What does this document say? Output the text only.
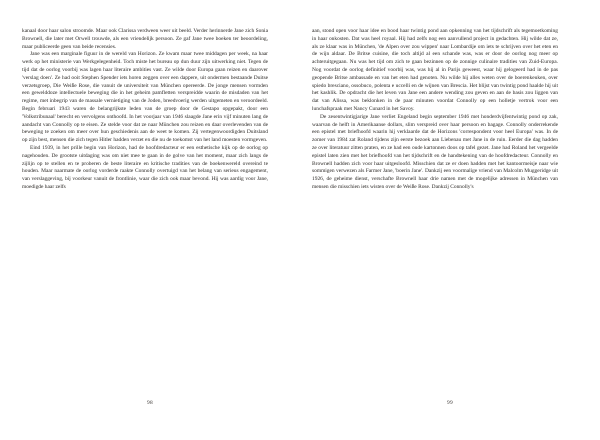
kanaal door haar salon stroomde. Maar ook Clarissa verdween weer uit beeld. Verder herinnerde Jane zich Sonia Brownell, die later met Orwell trouwde, als een vriendelijk persoon. Ze gaf Jane twee boeken ter beoordeling, maar publiceerde geen van beide recensies.

Jane was een marginale figuur in de wereld van Horizon. Ze kwam maar twee middagen per week, na haar werk op het ministerie van Werkgelegenheid. Toch miste het bureau op dun duur zijn uitwerking niet. Tegen de tijd dat de oorlog voorbij was lagen haar literaire ambities vast. Ze wilde door Europa gaan reizen en daarover 'verslag doen'. Ze had ooit Stephen Spender iets horen zeggen over een dappere, uit ondermen bestaande Duitse verzetsgroep, Die Weiße Rose, die vanuit de universiteit van München opereerde. De jonge mensen vormden een gewelddoze intellectuele beweging die in het geheim pamfletten verspreidde waarin de misdaden van het regime, met inbegrip van de massale vernietiging van de Joden, breedvoerig werden uitgemeten en veroordeeld. Begin februari 1943 waren de belangrijkste leden van de groep door de Gestapo opgepakt, door een 'Volkstribunaal' berecht en vervolgens onthoofd. In het voorjaar van 1946 slaagde Jane erin vijf minuten lang de aandacht van Connolly op te eisen. Ze stelde voor dat ze naar München zou reizen en daar overlevenden van de beweging te zoeken om meer over hun geschiedenis aan de weet te komen. Zij vertegenwoordigden Duitsland op zijn best, mensen die zich tegen Hitler hadden verzet en die nu de toekomst van het land moesten vormgeven.

Eind 1939, in het prille begin van Horizon, had de hoofdredacteur er een esthetische kijk op de oorlog op nagehouden. De grootste uitdaging was om niet mee te gaan in de golve van het moment, maar zich langs de zijlijn op te stellen en te proberen de beste literaire en kritische tradities van de boekenwereld overeind te houden. Maar naarmate de oorlog vorderde raakte Connolly overtuigd van het belang van serieus engagement, van verslaggeving, bij voorkeur vanuit de frontlinie, waar die zich ook maar bevond. Hij was aardig voor Jane, moedigde haar zelfs

aan, stond open voor haar idee en bood haar twintig pond aan opkenning van het tijdschrift als tegemoetkoming in haar onkosten. Dat was heel royaal. Hij had zelfs nog een aanvullend project in gedachten. Hij wilde dat ze, als ze klaar was in München, 'de Alpen over zou wippen' naar Lombardije om iets te schrijven over het eten en de wijn aldaar. De Britse cuisine, die toch altijd al een schande was, was er door de oorlog nog meer op achteruitgegaan. Nu was het tijd om zich te gaan bezinnen op de zonnige culinaire tradities van Zuid-Europa. Nog voordat de oorlog definitief voorbij was, was hij al in Parijs geweest, waar hij gelogeerd had in de pas geopende Britse ambassade en van het eten had genoten. Nu wilde hij alles weten over de boerenkeuken, over spiedo bresciano, ossobuco, polenta e uccelli en de wijnen van Brescia. Het blijst van twintig pond haalde hij uit het kashlik. De opdracht die het leven van Jane een andere wending zou geven en aan de basis zou liggen van dat van Alissa, was beklonken in de paar minuten voordat Connolly op een holletje vertrok voor een lunchafspraak met Nancy Cunard in het Savoy.

De zesentwintigjarige Jane verliet Engeland begin september 1946 met honderdvijfentwintig pond op zak, waarvan de helft in Amerikaanse dollars, slim verspreid over haar persoon en bagage. Connolly onderrekende een epistel met briefhoofd waarin hij verklaarde dat de Horizons 'correspondent voor heel Europa' was. In de zomer van 1984 zat Roland tijdens zijn eerste bezoek aan Liebenau met Jane in de ruin. Eerder die dag hadden ze over literatuur zitten praten, en ze had een oude kartonnen doos op tafel gezet. Jane had Roland het vergeelde epistel laten zien met het briefhoofd van het tijdschrift en de handtekening van de hoofdredacteur. Connolly en Brownell hadden zich voor haar uitgesloofd. Misschien dat ze er doen hadden met het kantoormeisje naar wie sommigen verwezen als Farmer Jane, 'boerin Jane'. Dankzij een voormalige vriend van Malcolm Muggeridge uit 1926, de geheime dienst, verschafte Brownell haar drie namen met de mogelijke adressen in München van mensen die misschien iets wisten over de Weiße Rose. Dankzij Connolly's

98	99
